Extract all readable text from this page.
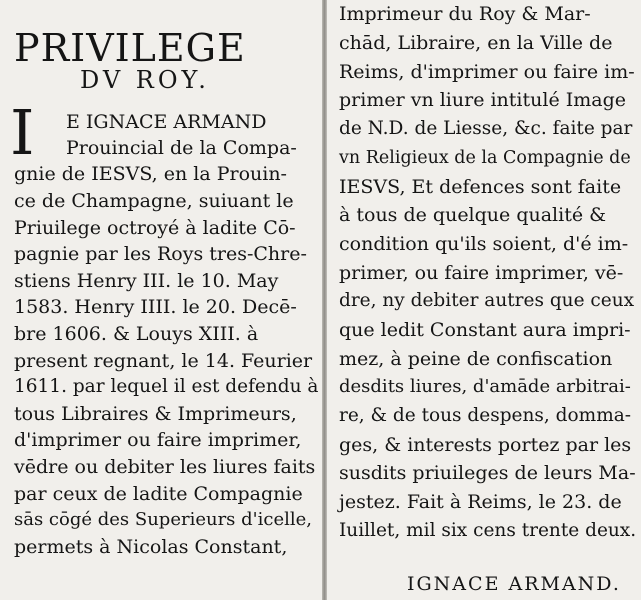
PRIVILEGE
DV ROY.
I E IGNACE ARMAND
Prouincial de la Compa-
gnie de IESVS, en la Prouin-
ce de Champagne, suiuant le
Priuilege octroyé à ladite Cō-
pagnie par les Roys tres-Chre-
stiens Henry III. le 10. May
1583. Henry IIII. le 20. Decē-
bre 1606. & Louys XIII. à
present regnant, le 14. Feurier
1611. par lequel il est defendu à
tous Libraires & Imprimeurs,
d'imprimer ou faire imprimer,
vēdre ou debiter les liures faits
par ceux de ladite Compagnie
sās cōgé des Superieurs d'icelle,
permets à Nicolas Constant,
Imprimeur du Roy & Mar-
chād, Libraire, en la Ville de
Reims, d'imprimer ou faire im-
primer vn liure intitulé Image
de N.D. de Liesse, &c. faite par
vn Religieux de la Compagnie de
IESVS, Et defences sont faite
à tous de quelque qualité &
condition qu'ils soient, d'é im-
primer, ou faire imprimer, vē-
dre, ny debiter autres que ceux
que ledit Constant aura impri-
mez, à peine de confiscation
desdits liures, d'amāde arbitrai-
re, & de tous despens, domma-
ges, & interests portez par les
susdits priuileges de leurs Ma-
jestez. Fait à Reims, le 23. de
Iuillet, mil six cens trente deux.
IGNACE ARMAND.
